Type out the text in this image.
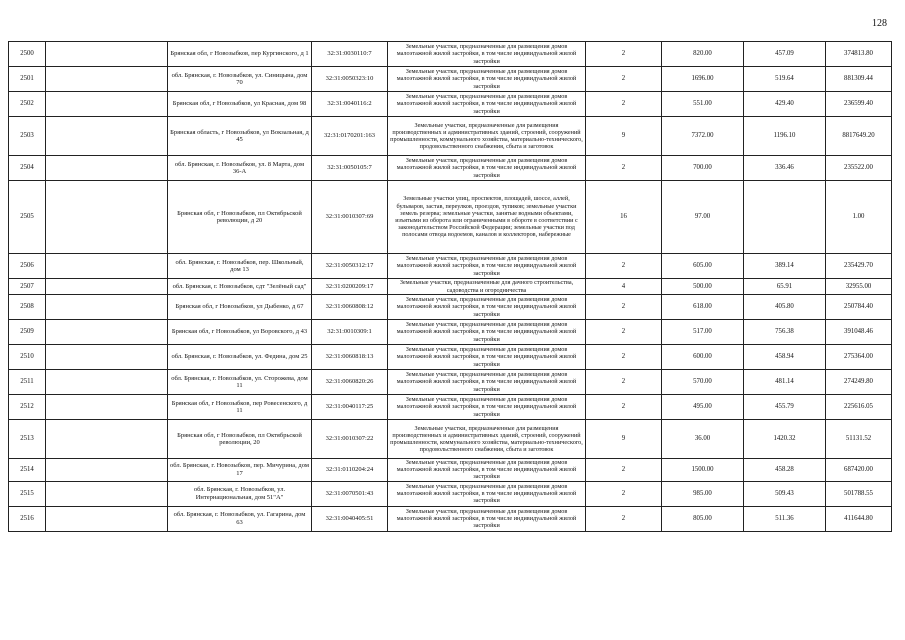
128
2500		Брянская обл, г Новозыбков, пер Кургинского, д 1	32:31:0030110:7	Земельные участки, предназначенные для размещения домов малоэтажной жилой застройки, в том числе индивидуальной жилой застройки	2	820.00	457.09	374813.80
2501		обл. Брянская, г. Новозыбков, ул. Синицына, дом 70	32:31:0050323:10	Земельные участки, предназначенные для размещения домов малоэтажной жилой застройки, в том числе индивидуальной жилой застройки	2	1696.00	519.64	881309.44
2502		Брянская обл, г Новозыбков, ул Красная, дом 98	32:31:0040116:2	Земельные участки, предназначенные для размещения домов малоэтажной жилой застройки, в том числе индивидуальной жилой застройки	2	551.00	429.40	236599.40
2503		Брянская область, г Новозыбков, ул Вокзальная, д 45	32:31:0170201:163	Земельные участки, предназначенные для размещения производственных и административных зданий, строений, сооружений промышленности, коммунального хозяйства, материально-технического, продовольственного снабжения, сбыта и заготовок	9	7372.00	1196.10	8817649.20
2504		обл. Брянская, г. Новозыбков, ул. 8 Марта, дом 36-А	32:31:0050105:7	Земельные участки, предназначенные для размещения домов малоэтажной жилой застройки, в том числе индивидуальной жилой застройки	2	700.00	336.46	235522.00
2505		Брянская обл, г Новозыбков, пл Октябрьской революции, д 20	32:31:0010307:69	Земельные участки улиц, проспектов, площадей, шоссе, аллей, бульваров, застав, переулков, проездов, тупиков; земельные участки земель резерва; земельные участки, занятые водными объектами, изъятыми из оборота или ограниченными в обороте в соответствии с законодательством Российской Федерации; земельные участки под полосами отвода водоемов, каналов и коллекторов, набережные	16	97.00		1.00
2506		обл. Брянская, г. Новозыбков, пер. Школьный, дом 13	32:31:0050312:17	Земельные участки, предназначенные для размещения домов малоэтажной жилой застройки, в том числе индивидуальной жилой застройки	2	605.00	389.14	235429.70
2507		обл. Брянская, г. Новозыбков, сдт "Зелёный сад"	32:31:0200209:17	Земельные участки, предназначенные для дачного строительства, садоводства и огородничества	4	500.00	65.91	32955.00
2508		Брянская обл, г Новозыбков, ул Дыбенко, д 67	32:31:0060808:12	Земельные участки, предназначенные для размещения домов малоэтажной жилой застройки, в том числе индивидуальной жилой застройки	2	618.00	405.80	250784.40
2509		Брянская обл, г Новозыбков, ул Воровского, д 43	32:31:0010309:1	Земельные участки, предназначенные для размещения домов малоэтажной жилой застройки, в том числе индивидуальной жилой застройки	2	517.00	756.38	391048.46
2510		обл. Брянская, г. Новозыбков, ул. Федина, дом 25	32:31:0060818:13	Земельные участки, предназначенные для размещения домов малоэтажной жилой застройки, в том числе индивидуальной жилой застройки	2	600.00	458.94	275364.00
2511		обл. Брянская, г. Новозыбков, ул. Сторожева, дом 11	32:31:0060820:26	Земельные участки, предназначенные для размещения домов малоэтажной жилой застройки, в том числе индивидуальной жилой застройки	2	570.00	481.14	274249.80
2512		Брянская обл, г Новозыбков, пер Ровесенского, д 11	32:31:0040117:25	Земельные участки, предназначенные для размещения домов малоэтажной жилой застройки, в том числе индивидуальной жилой застройки	2	495.00	455.79	225616.05
2513		Брянская обл, г Новозыбков, пл Октябрьской революции, 20	32:31:0010307:22	Земельные участки, предназначенные для размещения производственных и административных зданий, строений, сооружений промышленности, коммунального хозяйства, материально-технического, продовольственного снабжения, сбыта и заготовок	9	36.00	1420.32	51131.52
2514		обл. Брянская, г. Новозыбков, пер. Мичурина, дом 17	32:31:0110204:24	Земельные участки, предназначенные для размещения домов малоэтажной жилой застройки, в том числе индивидуальной жилой застройки	2	1500.00	458.28	687420.00
2515		обл. Брянская, г. Новозыбков, ул. Интернациональная, дом 51"А"	32:31:0070501:43	Земельные участки, предназначенные для размещения домов малоэтажной жилой застройки, в том числе индивидуальной жилой застройки	2	985.00	509.43	501788.55
2516		обл. Брянская, г. Новозыбков, ул. Гагарина, дом 63	32:31:0040405:51	Земельные участки, предназначенные для размещения домов малоэтажной жилой застройки, в том числе индивидуальной жилой застройки	2	805.00	511.36	411644.80
